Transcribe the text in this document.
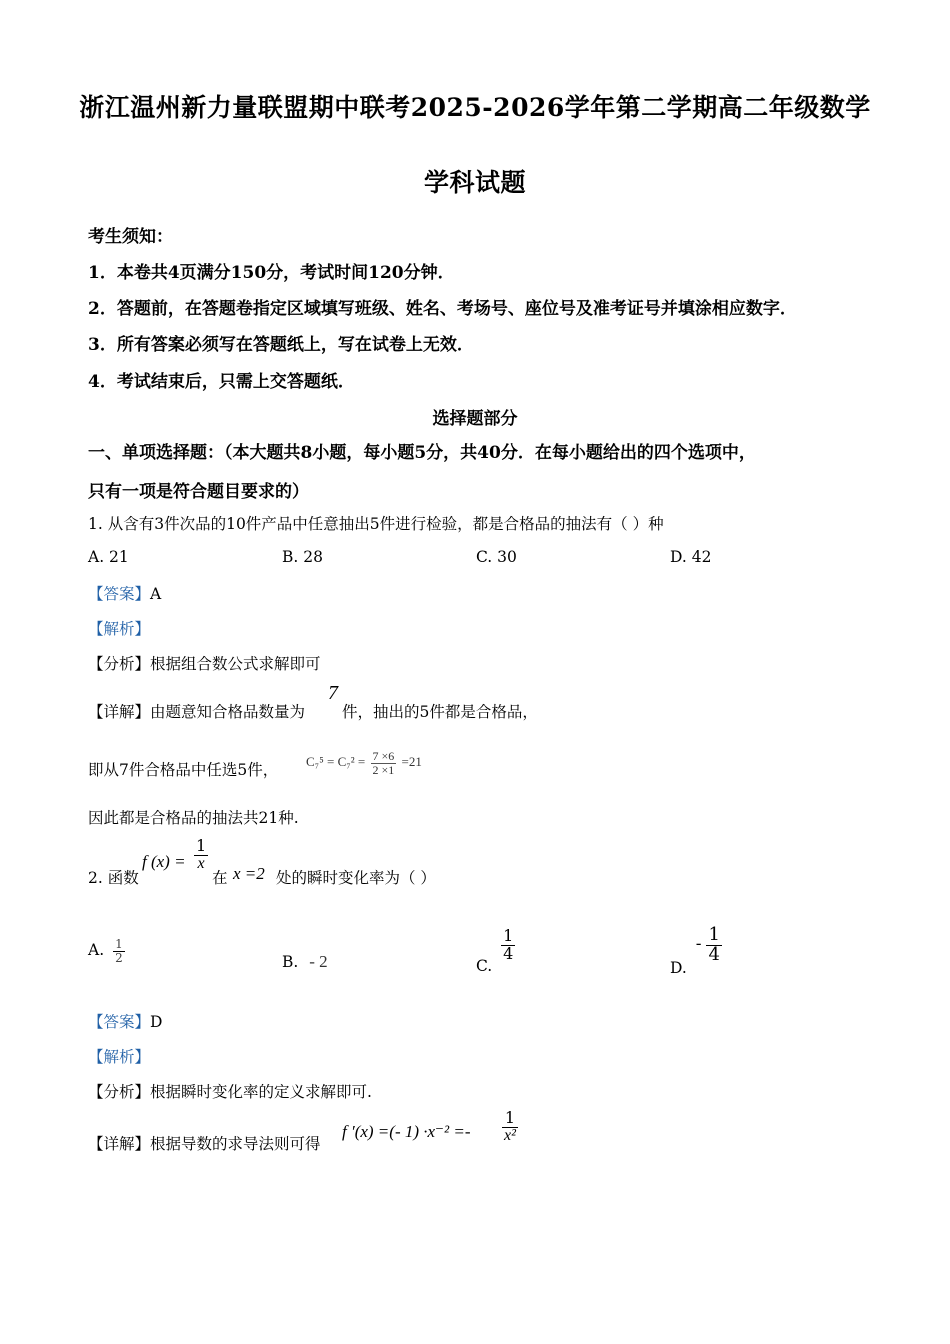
浙江温州新力量联盟期中联考2025-2026学年第二学期高二年级数学
学科试题
考生须知：
1．本卷共4页满分150分，考试时间120分钟．
2．答题前，在答题卷指定区域填写班级、姓名、考场号、座位号及准考证号并填涂相应数字．
3．所有答案必须写在答题纸上，写在试卷上无效．
4．考试结束后，只需上交答题纸．
选择题部分
一、单项选择题：（本大题共8小题，每小题5分，共40分．在每小题给出的四个选项中，
只有一项是符合题目要求的）
1. 从含有3件次品的10件产品中任意抽出5件进行检验，都是合格品的抽法有（ ）种
A. 21	B. 28	C. 30	D. 42
【答案】A
【解析】
【分析】根据组合数公式求解即可
【详解】由题意知合格品数量为
7
件，抽出的5件都是合格品，
即从7件合格品中任选5件， $C_7^5 = C_7^2 = \frac{7 \times 6}{2 \times 1} =21$
因此都是合格品的抽法共21种.
2. 函数
f $(x) = \frac{1}{x}$
在 x =2 处的瞬时变化率为（ ）
A. $\frac{1}{2}$	B. - 2	C.
$\frac{1}{4}$
D. - $\frac{1}{4}$
【答案】D
【解析】
【分析】根据瞬时变化率的定义求解即可.
【详解】根据导数的求导法则可得
f ′(x) =(- $1) \cdot x^{-2} =- \frac{1}{\text{x²}}$
